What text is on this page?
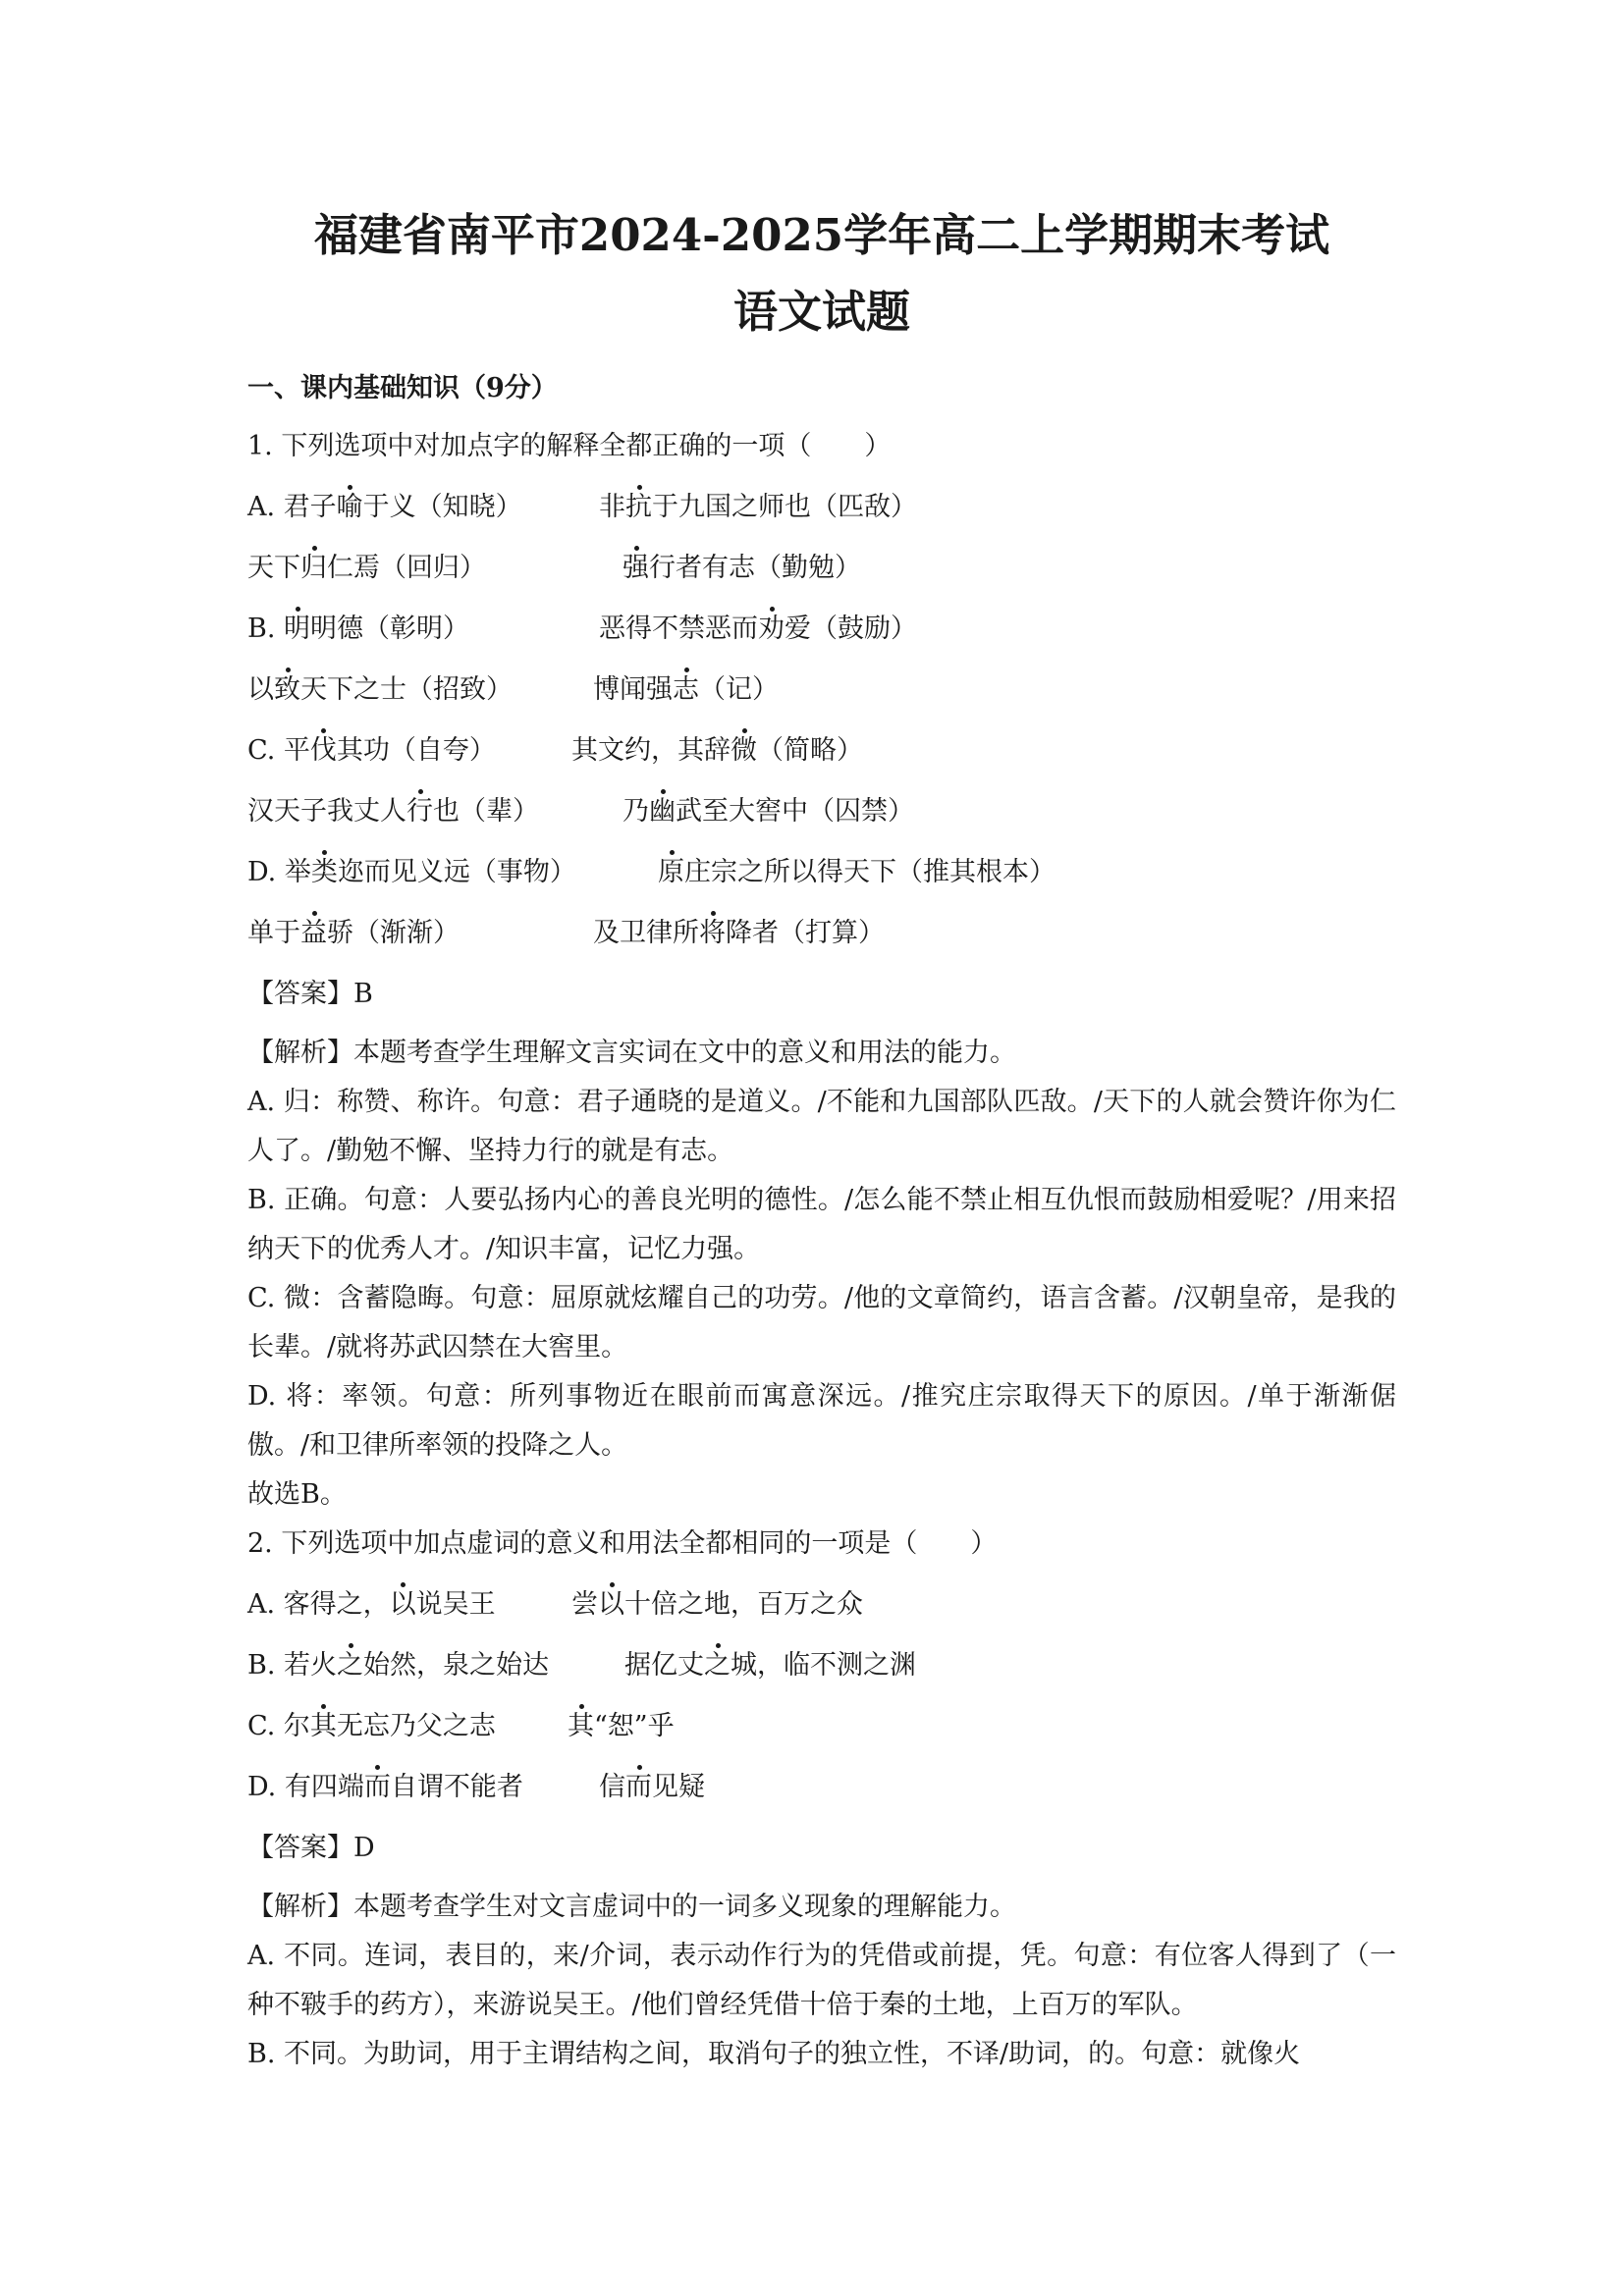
福建省南平市2024-2025学年高二上学期期末考试
语文试题
一、课内基础知识（9分）
1. 下列选项中对加点字的解释全都正确的一项（　　）
A. 君子喻于义（知晓）	非抗于九国之师也（匹敌）
天下归仁焉（回归）	强行者有志（勤勉）
B. 明明德（彰明）	恶得不禁恶而劝爱（鼓励）
以致天下之士（招致）	博闻强志（记）
C. 平伐其功（自夸）	其文约，其辞微（简略）
汉天子我丈人行也（辈）	乃幽武至大窖中（囚禁）
D. 举类迩而见义远（事物）	原庄宗之所以得天下（推其根本）
单于益骄（渐渐）	及卫律所将降者（打算）
【答案】B
【解析】本题考查学生理解文言实词在文中的意义和用法的能力。
A. 归：称赞、称许。句意：君子通晓的是道义。/不能和九国部队匹敌。/天下的人就会赞许你为仁人了。/勤勉不懈、坚持力行的就是有志。
B. 正确。句意：人要弘扬内心的善良光明的德性。/怎么能不禁止相互仇恨而鼓励相爱呢？/用来招纳天下的优秀人才。/知识丰富，记忆力强。
C. 微：含蓄隐晦。句意：屈原就炫耀自己的功劳。/他的文章简约，语言含蓄。/汉朝皇帝，是我的长辈。/就将苏武囚禁在大窖里。
D. 将：率领。句意：所列事物近在眼前而寓意深远。/推究庄宗取得天下的原因。/单于渐渐倨傲。/和卫律所率领的投降之人。
故选B。
2. 下列选项中加点虚词的意义和用法全都相同的一项是（　　）
A. 客得之，以说吴王	尝以十倍之地，百万之众
B. 若火之始然，泉之始达	据亿丈之城，临不测之渊
C. 尔其无忘乃父之志	其“恕”乎
D. 有四端而自谓不能者	信而见疑
【答案】D
【解析】本题考查学生对文言虚词中的一词多义现象的理解能力。
A. 不同。连词，表目的，来/介词，表示动作行为的凭借或前提，凭。句意：有位客人得到了（一种不皲手的药方），来游说吴王。/他们曾经凭借十倍于秦的土地，上百万的军队。
B. 不同。为助词，用于主谓结构之间，取消句子的独立性，不译/助词，的。句意：就像火
